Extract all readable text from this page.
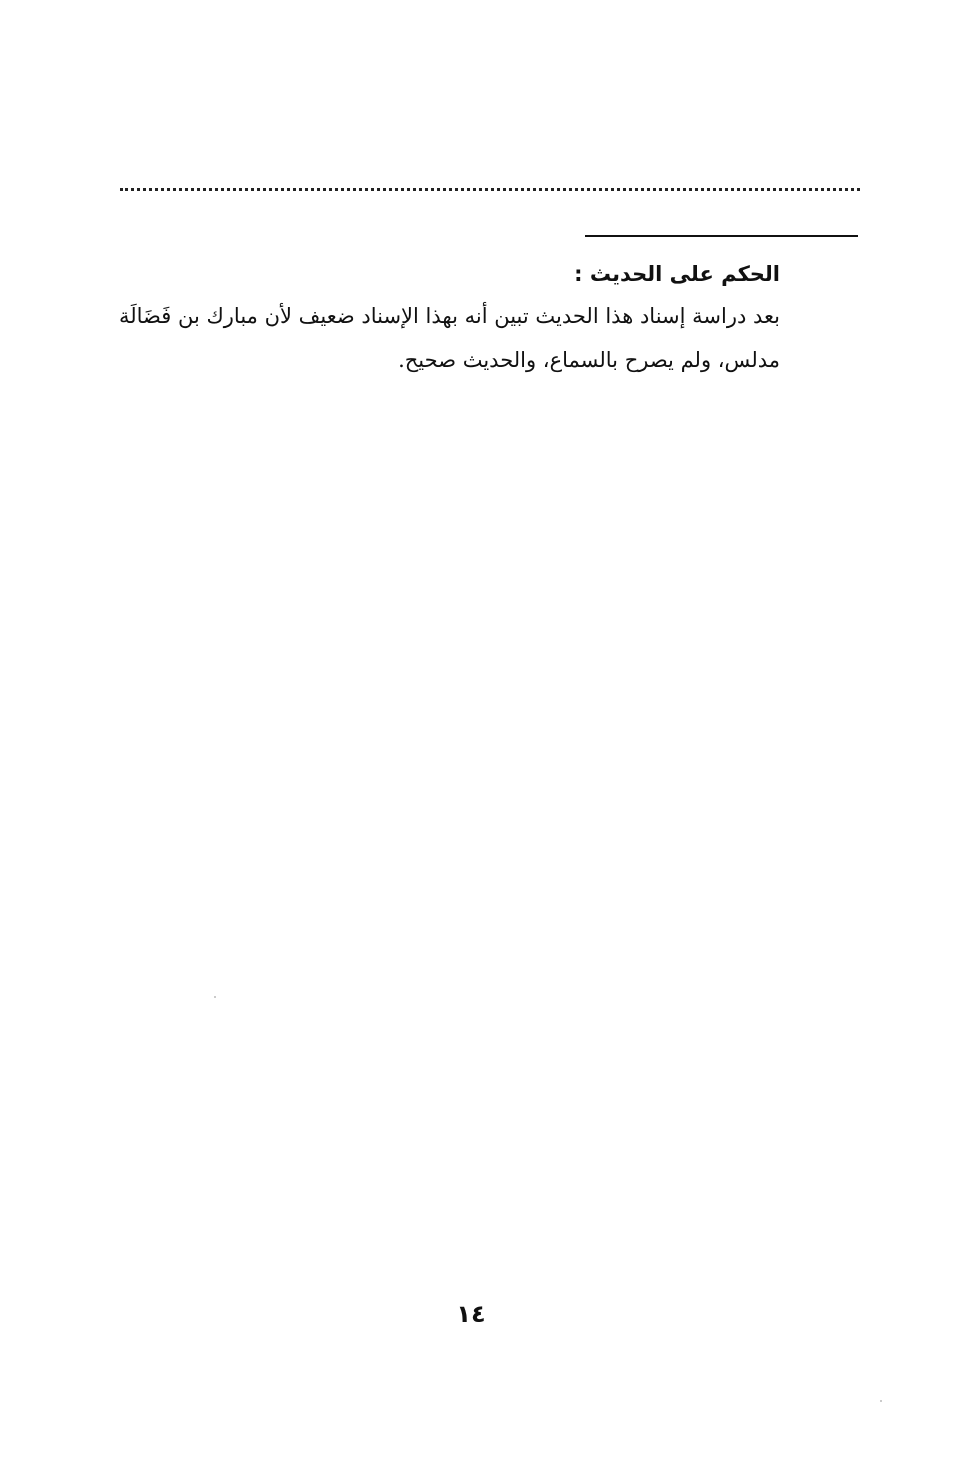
الحكم على الحديث :

بعد دراسة إسناد هذا الحديث تبين أنه بهذا الإسناد ضعيف لأن مبارك بن فَضَالَة

مدلس، ولم يصرح بالسماع، والحديث صحيح.

١٤
